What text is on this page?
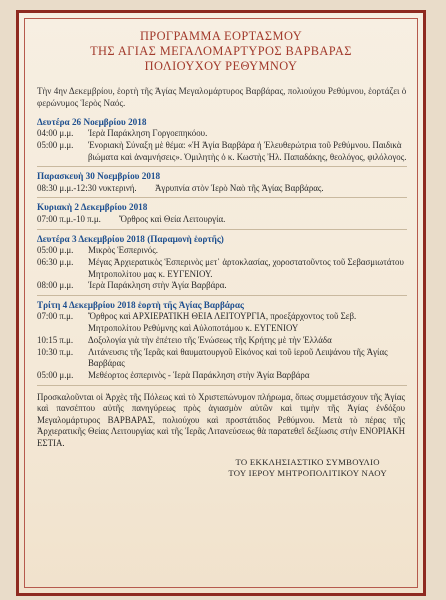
ΠΡΟΓΡΑΜΜΑ ΕΟΡΤΑΣΜΟΥ
ΤΗΣ ΑΓΙΑΣ ΜΕΓΑΛΟΜΑΡΤΥΡΟΣ ΒΑΡΒΑΡΑΣ
ΠΟΛΙΟΥΧΟΥ ΡΕΘΥΜΝΟΥ
Τὴν 4ην Δεκεμβρίου, ἑορτὴ τῆς Ἁγίας Μεγαλομάρτυρος Βαρβάρας, πολιούχου Ρεθύμνου, ἑορτάζει ὁ φερώνυμος Ἱερὸς Ναός.
Δευτέρα 26 Νοεμβρίου 2018
04:00 μ.μ.	Ἱερὰ Παράκληση Γοργοεπηκόου.
05:00 μ.μ.	Ἐνοριακὴ Σύναξη μὲ θέμα: «Ἡ Ἁγία Βαρβάρα ἡ Ἐλευθερώτρια τοῦ Ρεθύμνου. Παιδικὰ βιώματα καὶ ἀναμνήσεις». Ὁμιλητὴς ὁ κ. Κωστὴς Ἠλ. Παπαδάκης, θεολόγος, φιλόλογος.
Παρασκευὴ 30 Νοεμβρίου 2018
08:30 μ.μ.-12:30 νυκτερινή.	Ἀγρυπνία στὸν Ἱερὸ Ναὸ τῆς Ἁγίας Βαρβάρας.
Κυριακὴ 2 Δεκεμβρίου 2018
07:00 π.μ.-10 π.μ.	Ὄρθρος καὶ Θεία Λειτουργία.
Δευτέρα 3 Δεκεμβρίου 2018 (Παραμονὴ ἑορτῆς)
05:00 μ.μ.	Μικρὸς Ἑσπερινός.
06:30 μ.μ.	Μέγας Ἀρχιερατικὸς Ἑσπερινὸς μετ᾽ ἀρτοκλασίας, χοροστατοῦντος τοῦ Σεβασμιωτάτου Μητροπολίτου μας κ. ΕΥΓΕΝΙΟΥ.
08:00 μ.μ.	Ἱερὰ Παράκληση στὴν Ἁγία Βαρβάρα.
Τρίτη 4 Δεκεμβρίου 2018 ἑορτὴ τῆς Ἁγίας Βαρβάρας
07:00 π.μ.	Ὄρθρος καὶ ΑΡΧΙΕΡΑΤΙΚΗ ΘΕΙΑ ΛΕΙΤΟΥΡΓΙΑ, προεξάρχοντος τοῦ Σεβ. Μητροπολίτου Ρεθύμνης καὶ Αὐλοποτάμου κ. ΕΥΓΕΝΙΟΥ
10:15 π.μ.	Δοξολογία γιὰ τὴν ἐπέτειο τῆς Ἑνώσεως τῆς Κρήτης μὲ τὴν Ἑλλάδα
10:30 π.μ.	Λιτάνευσις τῆς Ἱερᾶς καὶ θαυματουργοῦ Εἰκόνος καὶ τοῦ ἱεροῦ Λειψάνου τῆς Ἁγίας Βαρβάρας
05:00 μ.μ.	Μεθέορτος ἑσπερινὸς - Ἱερὰ Παράκληση στὴν Ἁγία Βαρβάρα
Προσκαλοῦνται οἱ Ἀρχὲς τῆς Πόλεως καὶ τὸ Χριστεπώνυμον πλήρωμα, ὅπως συμμετάσχουν τῆς Ἁγίας καὶ πανσέπτου αὐτῆς πανηγύρεως πρὸς ἁγιασμὸν αὐτῶν καὶ τιμὴν τῆς Ἁγίας ἐνδόξου Μεγαλομάρτυρος ΒΑΡΒΑΡΑΣ, πολιούχου καὶ προστάτιδος Ρεθύμνου. Μετὰ τὸ πέρας τῆς Ἀρχιερατικῆς Θείας Λειτουργίας καὶ τῆς Ἱερᾶς Λιτανεύσεως θὰ παρατεθεῖ δεξίωσις στὴν ΕΝΟΡΙΑΚΗ ΕΣΤΙΑ.
ΤΟ ΕΚΚΛΗΣΙΑΣΤΙΚΟ ΣΥΜΒΟΥΛΙΟ
ΤΟΥ ΙΕΡΟΥ ΜΗΤΡΟΠΟΛΙΤΙΚΟΥ ΝΑΟΥ
